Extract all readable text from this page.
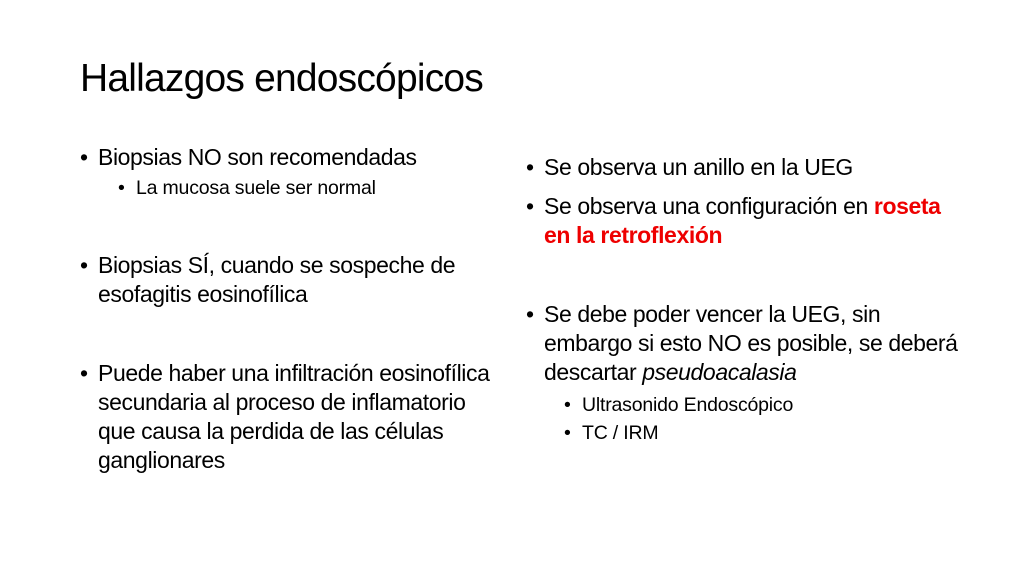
Hallazgos endoscópicos
• Biopsias NO son recomendadas
• La mucosa suele ser normal
• Biopsias SÍ, cuando se sospeche de esofagitis eosinofílica
• Puede haber una infiltración eosinofílica secundaria al proceso de inflamatorio que causa la perdida de las células ganglionares
• Se observa un anillo en la UEG
• Se observa una configuración en roseta en la retroflexión
• Se debe poder vencer la UEG, sin embargo si esto NO es posible, se deberá descartar pseudoacalasia
• Ultrasonido Endoscópico
• TC / IRM
